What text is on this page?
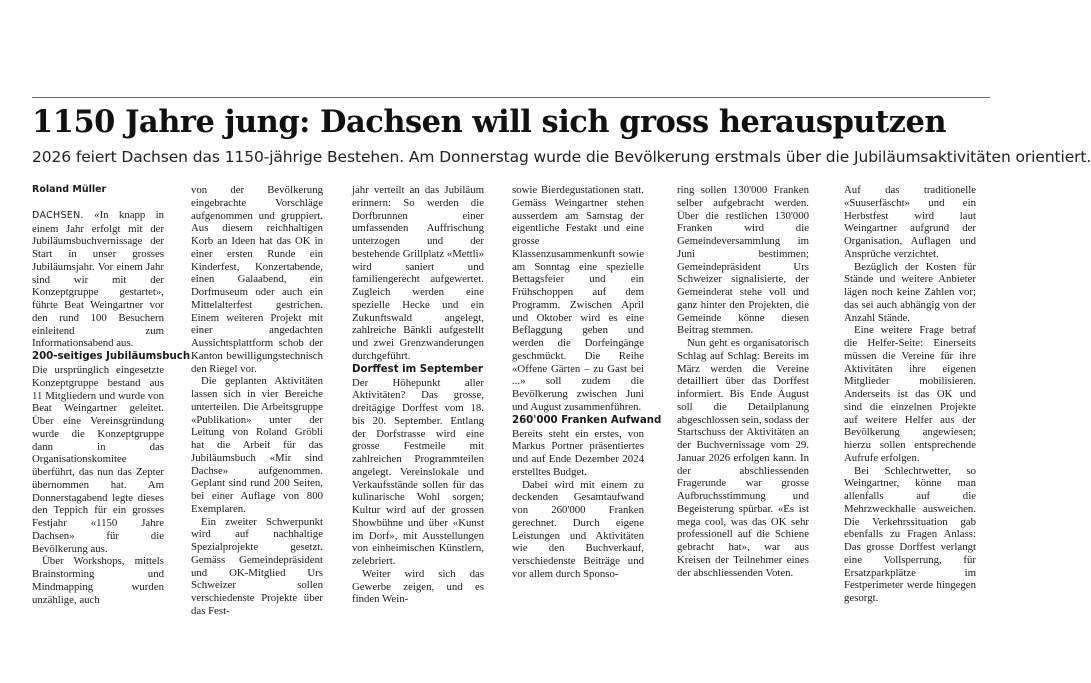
1150 Jahre jung: Dachsen will sich gross herausputzen

2026 feiert Dachsen das 1150-jährige Bestehen. Am Donnerstag wurde die Bevölkerung erstmals über die Jubiläumsaktivitäten orientiert.

Roland Müller

DACHSEN. «In knapp in einem Jahr erfolgt mit der Jubiläumsbuchvernissage der Start in unser grosses Jubiläumsjahr. Vor einem Jahr sind wir mit der Konzeptgruppe gestartet», führte Beat Weingartner vor den rund 100 Besuchern einleitend zum Informationsabend aus.

200-seitiges Jubiläumsbuch

Die ursprünglich eingesetzte Konzeptgruppe bestand aus 11 Mitgliedern und wurde von Beat Weingartner geleitet. Über eine Vereinsgründung wurde die Konzeptgruppe dann in das Organisationskomitee überführt, das nun das Zepter übernommen hat. Am Donnerstagabend legte dieses den Teppich für ein grosses Festjahr «1150 Jahre Dachsen» für die Bevölkerung aus.

Über Workshops, mittels Brainstorming und Mindmapping wurden unzählige, auch

von der Bevölkerung eingebrachte Vorschläge aufgenommen und gruppiert. Aus diesem reichhaltigen Korb an Ideen hat das OK in einer ersten Runde ein Kinderfest, Konzertabende, einen Galaabend, ein Dorfmuseum oder auch ein Mittelalterfest gestrichen. Einem weiteren Projekt mit einer angedachten Aussichtsplattform schob der Kanton bewilligungstechnisch den Riegel vor.

Die geplanten Aktivitäten lassen sich in vier Bereiche unterteilen. Die Arbeitsgruppe «Publikation» unter der Leitung von Roland Gröbli hat die Arbeit für das Jubiläumsbuch «Mir sind Dachse» aufgenommen. Geplant sind rund 200 Seiten, bei einer Auflage von 800 Exemplaren.

Ein zweiter Schwerpunkt wird auf nachhaltige Spezialprojekte gesetzt. Gemäss Gemeindepräsident und OK-Mitglied Urs Schweizer sollen verschiedenste Projekte über das Fest-

jahr verteilt an das Jubiläum erinnern: So werden die Dorfbrunnen einer umfassenden Auffrischung unterzogen und der bestehende Grillplatz «Mettli» wird saniert und familiengerecht aufgewertet. Zugleich werden eine spezielle Hecke und ein Zukunftswald angelegt, zahlreiche Bänkli aufgestellt und zwei Grenzwanderungen durchgeführt.

Dorffest im September

Der Höhepunkt aller Aktivitäten? Das grosse, dreitägige Dorffest vom 18. bis 20. September. Entlang der Dorfstrasse wird eine grosse Festmeile mit zahlreichen Programmteilen angelegt. Vereinslokale und Verkaufsstände sollen für das kulinarische Wohl sorgen; Kultur wird auf der grossen Showbühne und über «Kunst im Dorf», mit Ausstellungen von einheimischen Künstlern, zelebriert.

Weiter wird sich das Gewerbe zeigen, und es finden Wein-

sowie Bierdegustationen statt. Gemäss Weingartner stehen ausserdem am Samstag der eigentliche Festakt und eine grosse Klassenzusammenkunft sowie am Sonntag eine spezielle Bettagsfeier und ein Frühschoppen auf dem Programm. Zwischen April und Oktober wird es eine Beflaggung geben und werden die Dorfeingänge geschmückt. Die Reihe «Offene Gärten – zu Gast bei ...» soll zudem die Bevölkerung zwischen Juni und August zusammenführen.

260'000 Franken Aufwand

Bereits steht ein erstes, von Markus Portner präsentiertes und auf Ende Dezember 2024 erstelltes Budget.

Dabei wird mit einem zu deckenden Gesamtaufwand von 260'000 Franken gerechnet. Durch eigene Leistungen und Aktivitäten wie den Buchverkauf, verschiedenste Beiträge und vor allem durch Sponso-

ring sollen 130'000 Franken selber aufgebracht werden. Über die restlichen 130'000 Franken wird die Gemeindeversammlung im Juni bestimmen; Gemeindepräsident Urs Schweizer signalisierte, der Gemeinderat stehe voll und ganz hinter den Projekten, die Gemeinde könne diesen Beitrag stemmen.

Nun geht es organisatorisch Schlag auf Schlag: Bereits im März werden die Vereine detailliert über das Dorffest informiert. Bis Ende August soll die Detailplanung abgeschlossen sein, sodass der Startschuss der Aktivitäten an der Buchvernissage vom 29. Januar 2026 erfolgen kann. In der abschliessenden Fragerunde war grosse Aufbruchsstimmung und Begeisterung spürbar. «Es ist mega cool, was das OK sehr professionell auf die Schiene gebracht hat», war aus Kreisen der Teilnehmer eines der abschliessenden Voten.

Auf das traditionelle «Suuserfäscht» und ein Herbstfest wird laut Weingartner aufgrund der Organisation, Auflagen und Ansprüche verzichtet.

Bezüglich der Kosten für Stände und weitere Anbieter lägen noch keine Zahlen vor; das sei auch abhängig von der Anzahl Stände.

Eine weitere Frage betraf die Helfer-Seite: Einerseits müssen die Vereine für ihre Aktivitäten ihre eigenen Mitglieder mobilisieren. Anderseits ist das OK und sind die einzelnen Projekte auf weitere Helfer aus der Bevölkerung angewiesen; hierzu sollen entsprechende Aufrufe erfolgen.

Bei Schlechtwetter, so Weingartner, könne man allenfalls auf die Mehrzweckhalle ausweichen. Die Verkehrssituation gab ebenfalls zu Fragen Anlass: Das grosse Dorffest verlangt eine Vollsperrung, für Ersatzparkplätze im Festperimeter werde hingegen gesorgt.
